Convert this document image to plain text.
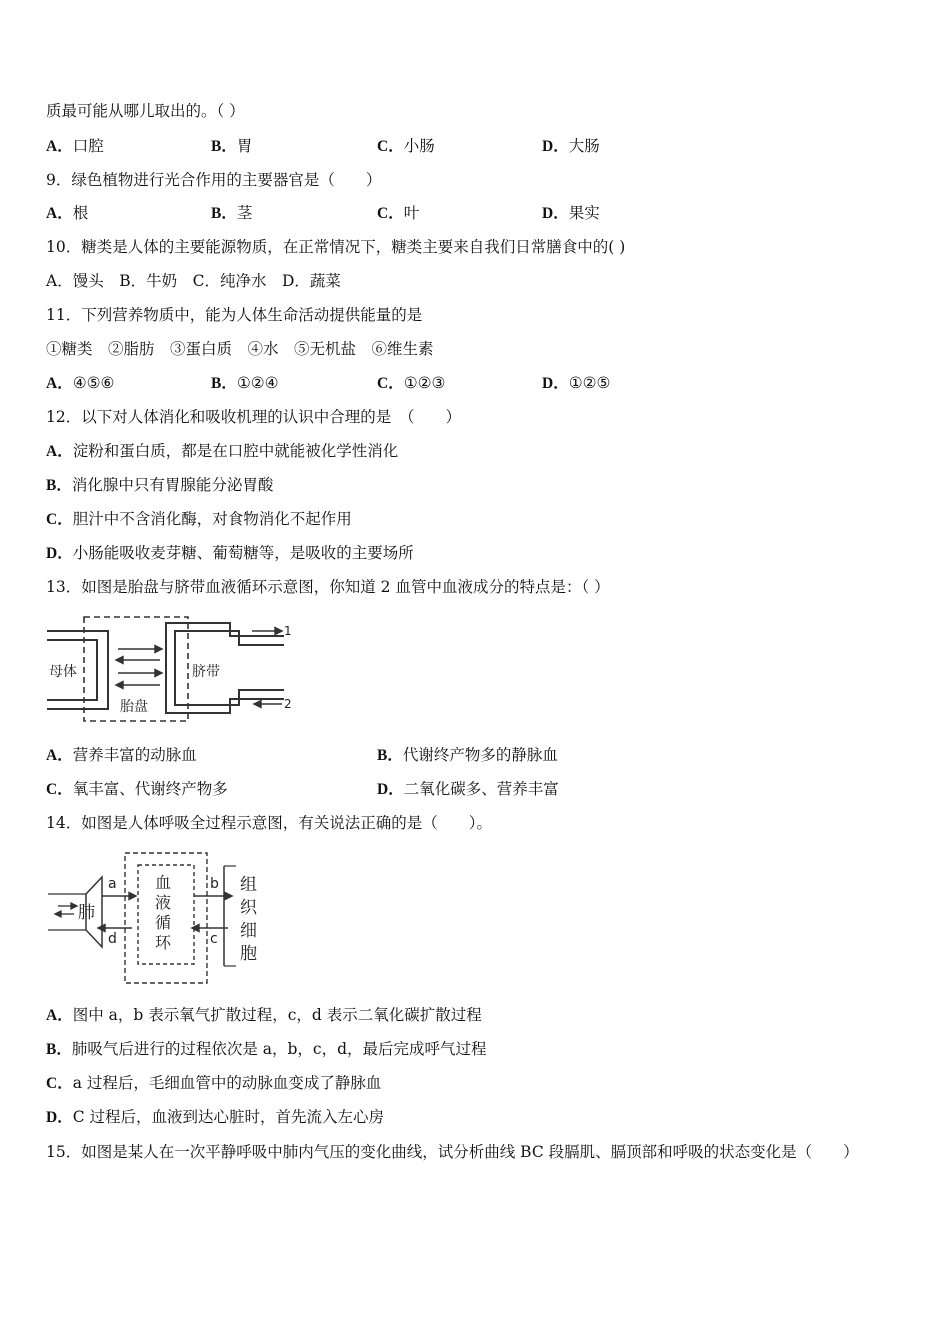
质最可能从哪儿取出的。（ ）
A．口腔	B．胃	C．小肠	D．大肠
9．绿色植物进行光合作用的主要器官是（　　）
A．根	B．茎	C．叶	D．果实
10．糖类是人体的主要能源物质，在正常情况下，糖类主要来自我们日常膳食中的( )
A．馒头　B．牛奶　C．纯净水　D．蔬菜
11．下列营养物质中，能为人体生命活动提供能量的是
①糖类　②脂肪　③蛋白质　④水　⑤无机盐　⑥维生素
A．④⑤⑥	B．①②④	C．①②③	D．①②⑤
12．以下对人体消化和吸收机理的认识中合理的是　（　　）
A．淀粉和蛋白质，都是在口腔中就能被化学性消化
B．消化腺中只有胃腺能分泌胃酸
C．胆汁中不含消化酶，对食物消化不起作用
D．小肠能吸收麦芽糖、葡萄糖等，是吸收的主要场所
13．如图是胎盘与脐带血液循环示意图，你知道 2 血管中血液成分的特点是：（ ）
母体
胎盘
脐带
1
2
A．营养丰富的动脉血	B．代谢终产物多的静脉血
C．氧丰富、代谢终产物多	D．二氧化碳多、营养丰富
14．如图是人体呼吸全过程示意图，有关说法正确的是（　　）。
肺
血
液
循
环
组
织
细
胞
a	b
c
d
A．图中 a，b 表示氧气扩散过程，c，d 表示二氧化碳扩散过程
B．肺吸气后进行的过程依次是 a，b，c，d，最后完成呼气过程
C．a 过程后，毛细血管中的动脉血变成了静脉血
D．C 过程后，血液到达心脏时，首先流入左心房
15．如图是某人在一次平静呼吸中肺内气压的变化曲线，试分析曲线 BC 段膈肌、膈顶部和呼吸的状态变化是（　　）
